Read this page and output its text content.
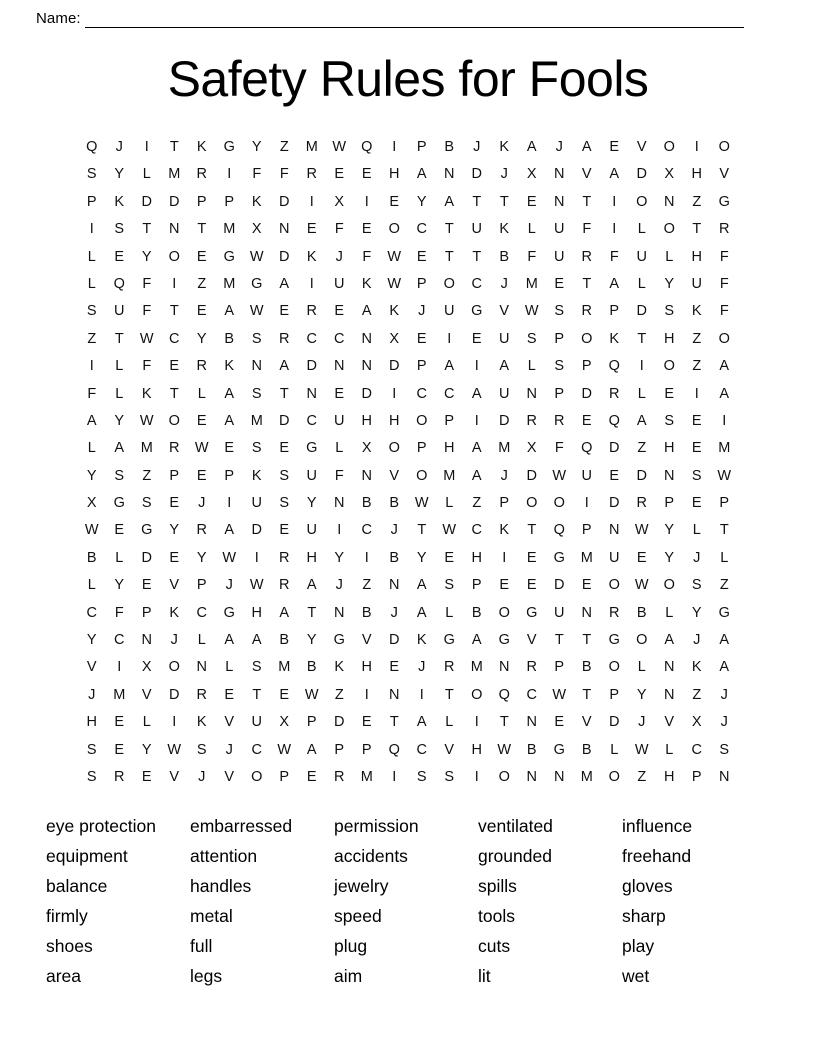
Name:
Safety Rules for Fools
Q	J	I	T	K	G	Y	Z	M	W	Q	I	P	B	J	K	A	J	A	E	V	O	I	O
S	Y	L	M	R	I	F	F	R	E	E	H	A	N	D	J	X	N	V	A	D	X	H	V
P	K	D	D	P	P	K	D	I	X	I	E	Y	A	T	T	E	N	T	I	O	N	Z	G
I	S	T	N	T	M	X	N	E	F	E	O	C	T	U	K	L	U	F	I	L	O	T	R
L	E	Y	O	E	G	W	D	K	J	F	W	E	T	T	B	F	U	R	F	U	L	H	F
L	Q	F	I	Z	M	G	A	I	U	K	W	P	O	C	J	M	E	T	A	L	Y	U	F
S	U	F	T	E	A	W	E	R	E	A	K	J	U	G	V	W	S	R	P	D	S	K	F
Z	T	W	C	Y	B	S	R	C	C	N	X	E	I	E	U	S	P	O	K	T	H	Z	O
I	L	F	E	R	K	N	A	D	N	N	D	P	A	I	A	L	S	P	Q	I	O	Z	A
F	L	K	T	L	A	S	T	N	E	D	I	C	C	A	U	N	P	D	R	L	E	I	A
A	Y	W	O	E	A	M	D	C	U	H	H	O	P	I	D	R	R	E	Q	A	S	E	I
L	A	M	R	W	E	S	E	G	L	X	O	P	H	A	M	X	F	Q	D	Z	H	E	M
Y	S	Z	P	E	P	K	S	U	F	N	V	O	M	A	J	D	W	U	E	D	N	S	W
X	G	S	E	J	I	U	S	Y	N	B	B	W	L	Z	P	O	O	I	D	R	P	E	P
W	E	G	Y	R	A	D	E	U	I	C	J	T	W	C	K	T	Q	P	N	W	Y	L	T
B	L	D	E	Y	W	I	R	H	Y	I	B	Y	E	H	I	E	G	M	U	E	Y	J	L
L	Y	E	V	P	J	W	R	A	J	Z	N	A	S	P	E	E	D	E	O	W	O	S	Z
C	F	P	K	C	G	H	A	T	N	B	J	A	L	B	O	G	U	N	R	B	L	Y	G
Y	C	N	J	L	A	A	B	Y	G	V	D	K	G	A	G	V	T	T	G	O	A	J	A
V	I	X	O	N	L	S	M	B	K	H	E	J	R	M	N	R	P	B	O	L	N	K	A
J	M	V	D	R	E	T	E	W	Z	I	N	I	T	O	Q	C	W	T	P	Y	N	Z	J
H	E	L	I	K	V	U	X	P	D	E	T	A	L	I	T	N	E	V	D	J	V	X	J
S	E	Y	W	S	J	C	W	A	P	P	Q	C	V	H	W	B	G	B	L	W	L	C	S
S	R	E	V	J	V	O	P	E	R	M	I	S	S	I	O	N	N	M	O	Z	H	P	N
eye protection
equipment
balance
firmly
shoes
area
embarressed
attention
handles
metal
full
legs
permission
accidents
jewelry
speed
plug
aim
ventilated
grounded
spills
tools
cuts
lit
influence
freehand
gloves
sharp
play
wet
